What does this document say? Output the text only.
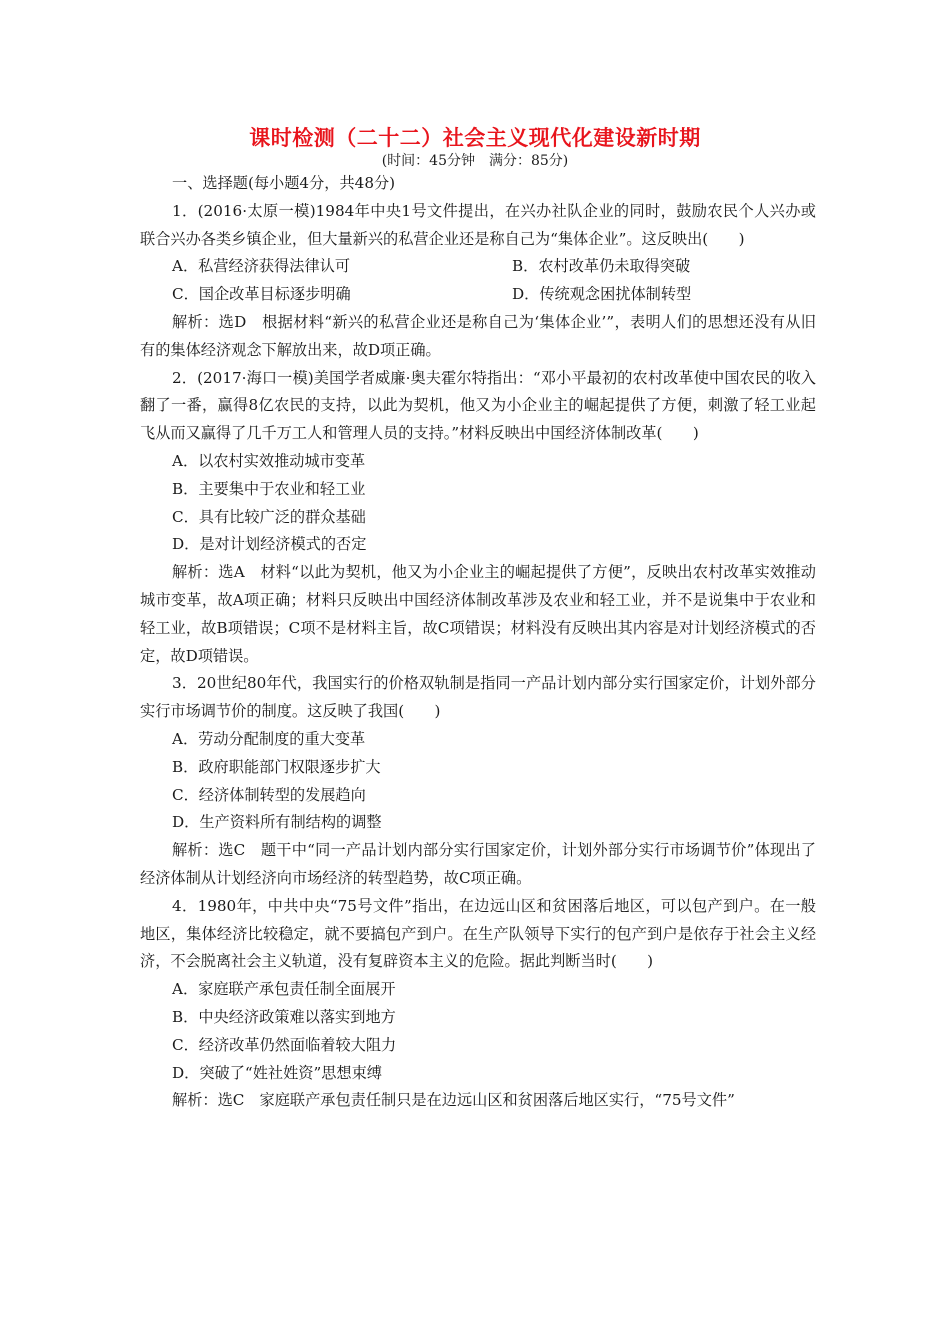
课时检测（二十二）社会主义现代化建设新时期
(时间：45分钟　满分：85分)

一、选择题(每小题4分，共48分)

1．(2016·太原一模)1984年中央1号文件提出，在兴办社队企业的同时，鼓励农民个人兴办或联合兴办各类乡镇企业，但大量新兴的私营企业还是称自己为“集体企业”。这反映出(　　)

A．私营经济获得法律认可	B．农村改革仍未取得突破
C．国企改革目标逐步明确	D．传统观念困扰体制转型

解析：选D　根据材料“新兴的私营企业还是称自己为‘集体企业’”，表明人们的思想还没有从旧有的集体经济观念下解放出来，故D项正确。

2．(2017·海口一模)美国学者威廉·奥夫霍尔特指出：“邓小平最初的农村改革使中国农民的收入翻了一番，赢得8亿农民的支持，以此为契机，他又为小企业主的崛起提供了方便，刺激了轻工业起飞从而又赢得了几千万工人和管理人员的支持。”材料反映出中国经济体制改革(　　)

A．以农村实效推动城市变革
B．主要集中于农业和轻工业
C．具有比较广泛的群众基础
D．是对计划经济模式的否定

解析：选A　材料“以此为契机，他又为小企业主的崛起提供了方便”，反映出农村改革实效推动城市变革，故A项正确；材料只反映出中国经济体制改革涉及农业和轻工业，并不是说集中于农业和轻工业，故B项错误；C项不是材料主旨，故C项错误；材料没有反映出其内容是对计划经济模式的否定，故D项错误。

3．20世纪80年代，我国实行的价格双轨制是指同一产品计划内部分实行国家定价，计划外部分实行市场调节价的制度。这反映了我国(　　)

A．劳动分配制度的重大变革
B．政府职能部门权限逐步扩大
C．经济体制转型的发展趋向
D．生产资料所有制结构的调整

解析：选C　题干中“同一产品计划内部分实行国家定价，计划外部分实行市场调节价”体现出了经济体制从计划经济向市场经济的转型趋势，故C项正确。

4．1980年，中共中央“75号文件”指出，在边远山区和贫困落后地区，可以包产到户。在一般地区，集体经济比较稳定，就不要搞包产到户。在生产队领导下实行的包产到户是依存于社会主义经济，不会脱离社会主义轨道，没有复辟资本主义的危险。据此判断当时(　　)

A．家庭联产承包责任制全面展开
B．中央经济政策难以落实到地方
C．经济改革仍然面临着较大阻力
D．突破了“姓社姓资”思想束缚

解析：选C　家庭联产承包责任制只是在边远山区和贫困落后地区实行，“75号文件”
